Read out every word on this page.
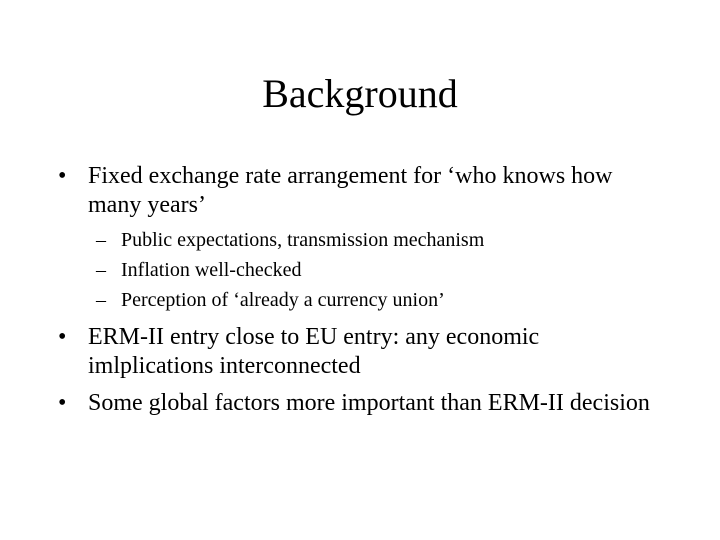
Background
• Fixed exchange rate arrangement for ‘who knows how many years’
– Public expectations, transmission mechanism
– Inflation well-checked
– Perception of ‘already a currency union’
• ERM-II entry close to EU entry: any economic imlplications interconnected
• Some global factors more important than ERM-II decision
